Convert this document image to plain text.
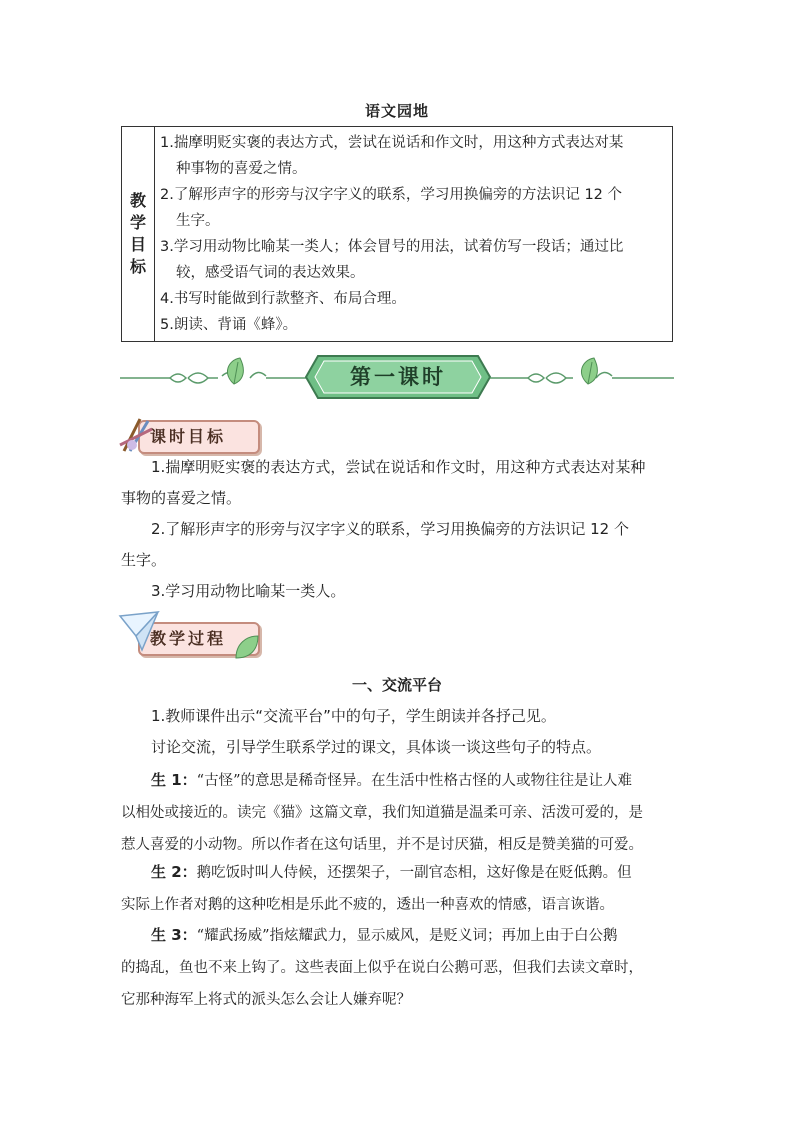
语文园地
教
学
目
标

1.揣摩明贬实褒的表达方式，尝试在说话和作文时，用这种方式表达对某
种事物的喜爱之情。
2.了解形声字的形旁与汉字字义的联系，学习用换偏旁的方法识记 12 个
生字。
3.学习用动物比喻某一类人；体会冒号的用法，试着仿写一段话；通过比
较，感受语气词的表达效果。
4.书写时能做到行款整齐、布局合理。
5.朗读、背诵《蜂》。
第一课时
课时目标
1.揣摩明贬实褒的表达方式，尝试在说话和作文时，用这种方式表达对某种
事物的喜爱之情。
2.了解形声字的形旁与汉字字义的联系，学习用换偏旁的方法识记 12 个
生字。
3.学习用动物比喻某一类人。
教学过程
一、交流平台
1.教师课件出示“交流平台”中的句子，学生朗读并各抒己见。
讨论交流，引导学生联系学过的课文，具体谈一谈这些句子的特点。
生 1：“古怪”的意思是稀奇怪异。在生活中性格古怪的人或物往往是让人难
以相处或接近的。读完《猫》这篇文章，我们知道猫是温柔可亲、活泼可爱的，是
惹人喜爱的小动物。所以作者在这句话里，并不是讨厌猫，相反是赞美猫的可爱。
生 2：鹅吃饭时叫人侍候，还摆架子，一副官态相，这好像是在贬低鹅。但
实际上作者对鹅的这种吃相是乐此不疲的，透出一种喜欢的情感，语言诙谐。
生 3：“耀武扬威”指炫耀武力，显示威风，是贬义词；再加上由于白公鹅
的捣乱，鱼也不来上钩了。这些表面上似乎在说白公鹅可恶，但我们去读文章时，
它那种海军上将式的派头怎么会让人嫌弃呢？
